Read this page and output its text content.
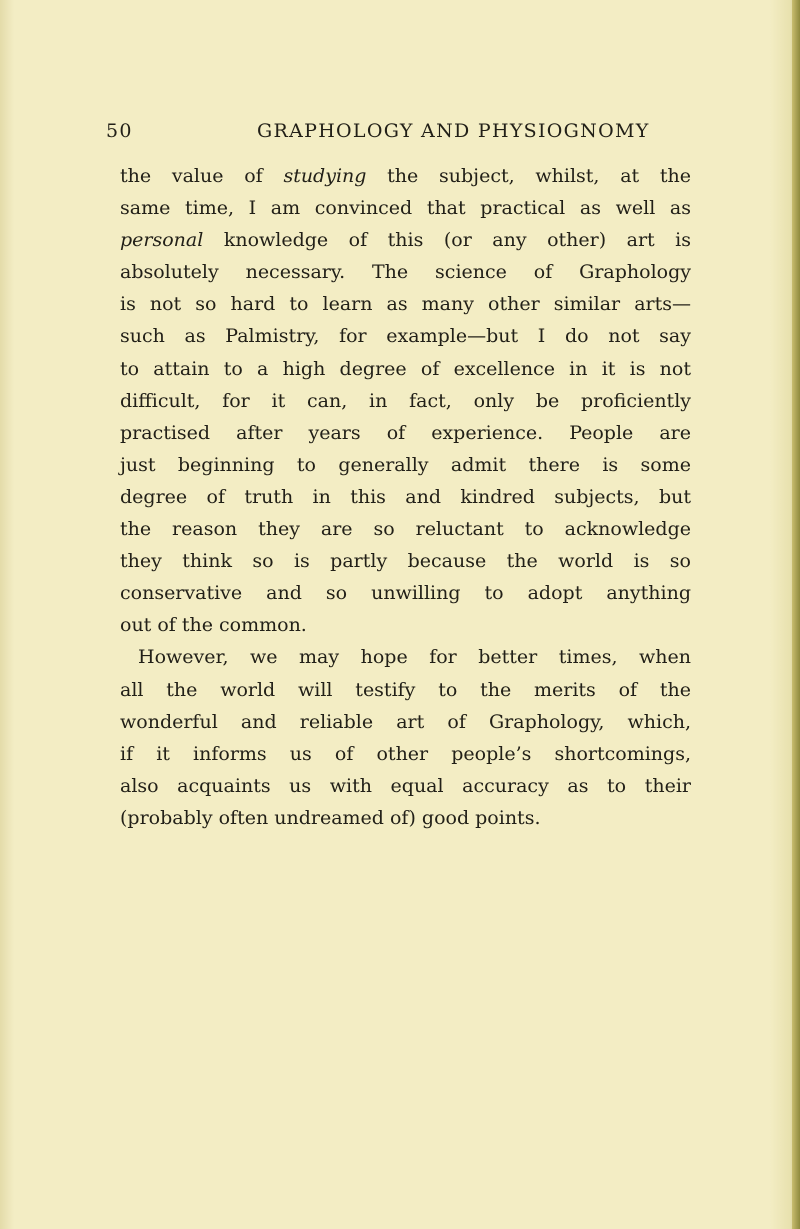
50	GRAPHOLOGY AND PHYSIOGNOMY
the value of studying the subject, whilst, at the
same time, I am convinced that practical as well as
personal knowledge of this (or any other) art is
absolutely necessary. The science of Graphology
is not so hard to learn as many other similar arts—
such as Palmistry, for example—but I do not say
to attain to a high degree of excellence in it is not
difficult, for it can, in fact, only be proficiently
practised after years of experience. People are
just beginning to generally admit there is some
degree of truth in this and kindred subjects, but
the reason they are so reluctant to acknowledge
they think so is partly because the world is so
conservative and so unwilling to adopt anything
out of the common.
However, we may hope for better times, when
all the world will testify to the merits of the
wonderful and reliable art of Graphology, which,
if it informs us of other people’s shortcomings,
also acquaints us with equal accuracy as to their
(probably often undreamed of) good points.
